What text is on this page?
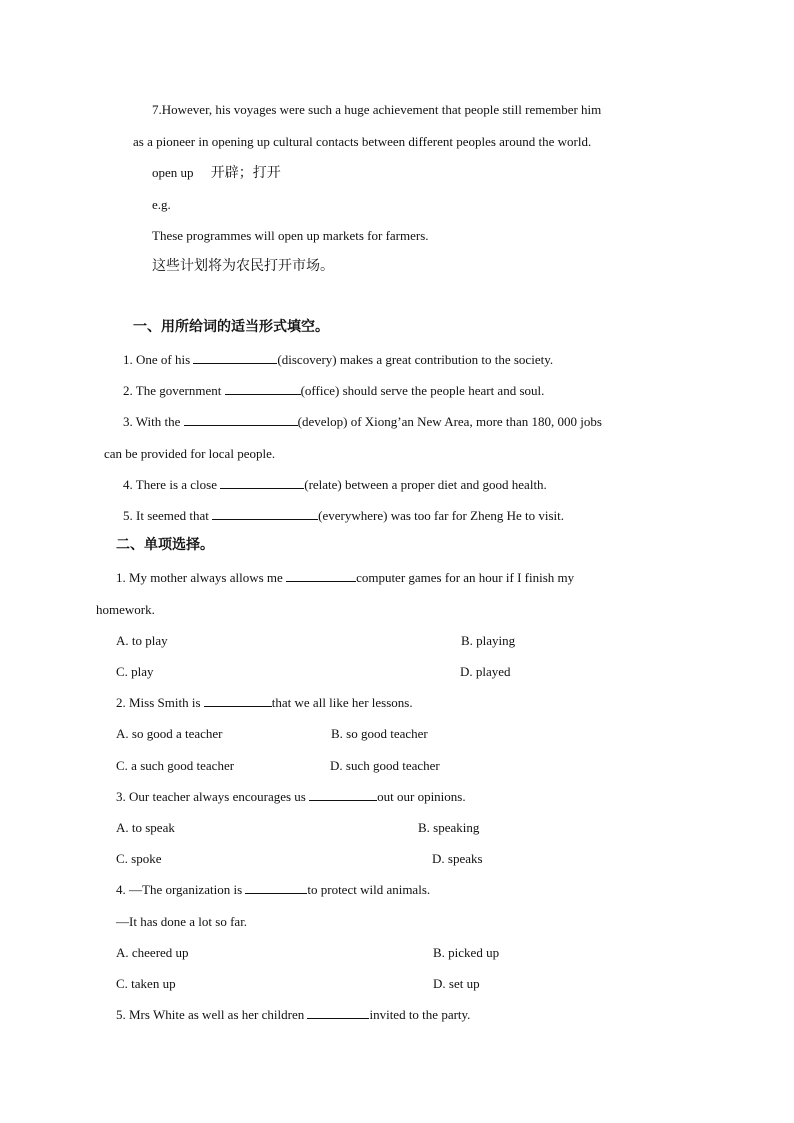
7.However, his voyages were such a huge achievement that people still remember him
as a pioneer in opening up cultural contacts between different peoples around the world.
open up 开辟；打开
e.g.
These programmes will open up markets for farmers.
这些计划将为农民打开市场。
一、用所给词的适当形式填空。
1. One of his	(discovery) makes a great contribution to the society.
2. The government	(office) should serve the people heart and soul.
3. With the	(develop) of Xiong’an New Area, more than 180, 000 jobs
can be provided for local people.
4. There is a close	(relate) between a proper diet and good health.
5. It seemed that	(everywhere) was too far for Zheng He to visit.
二、单项选择。
1. My mother always allows me	computer games for an hour if I finish my
homework.
A. to play	B. playing
C. play	D. played
2. Miss Smith is	that we all like her lessons.
A. so good a teacher	B. so good teacher
C. a such good teacher	D. such good teacher
3. Our teacher always encourages us	out our opinions.
A. to speak	B. speaking
C. spoke	D. speaks
4. —The organization is	to protect wild animals.
—It has done a lot so far.
A. cheered up	B. picked up
C. taken up	D. set up
5. Mrs White as well as her children	invited to the party.
